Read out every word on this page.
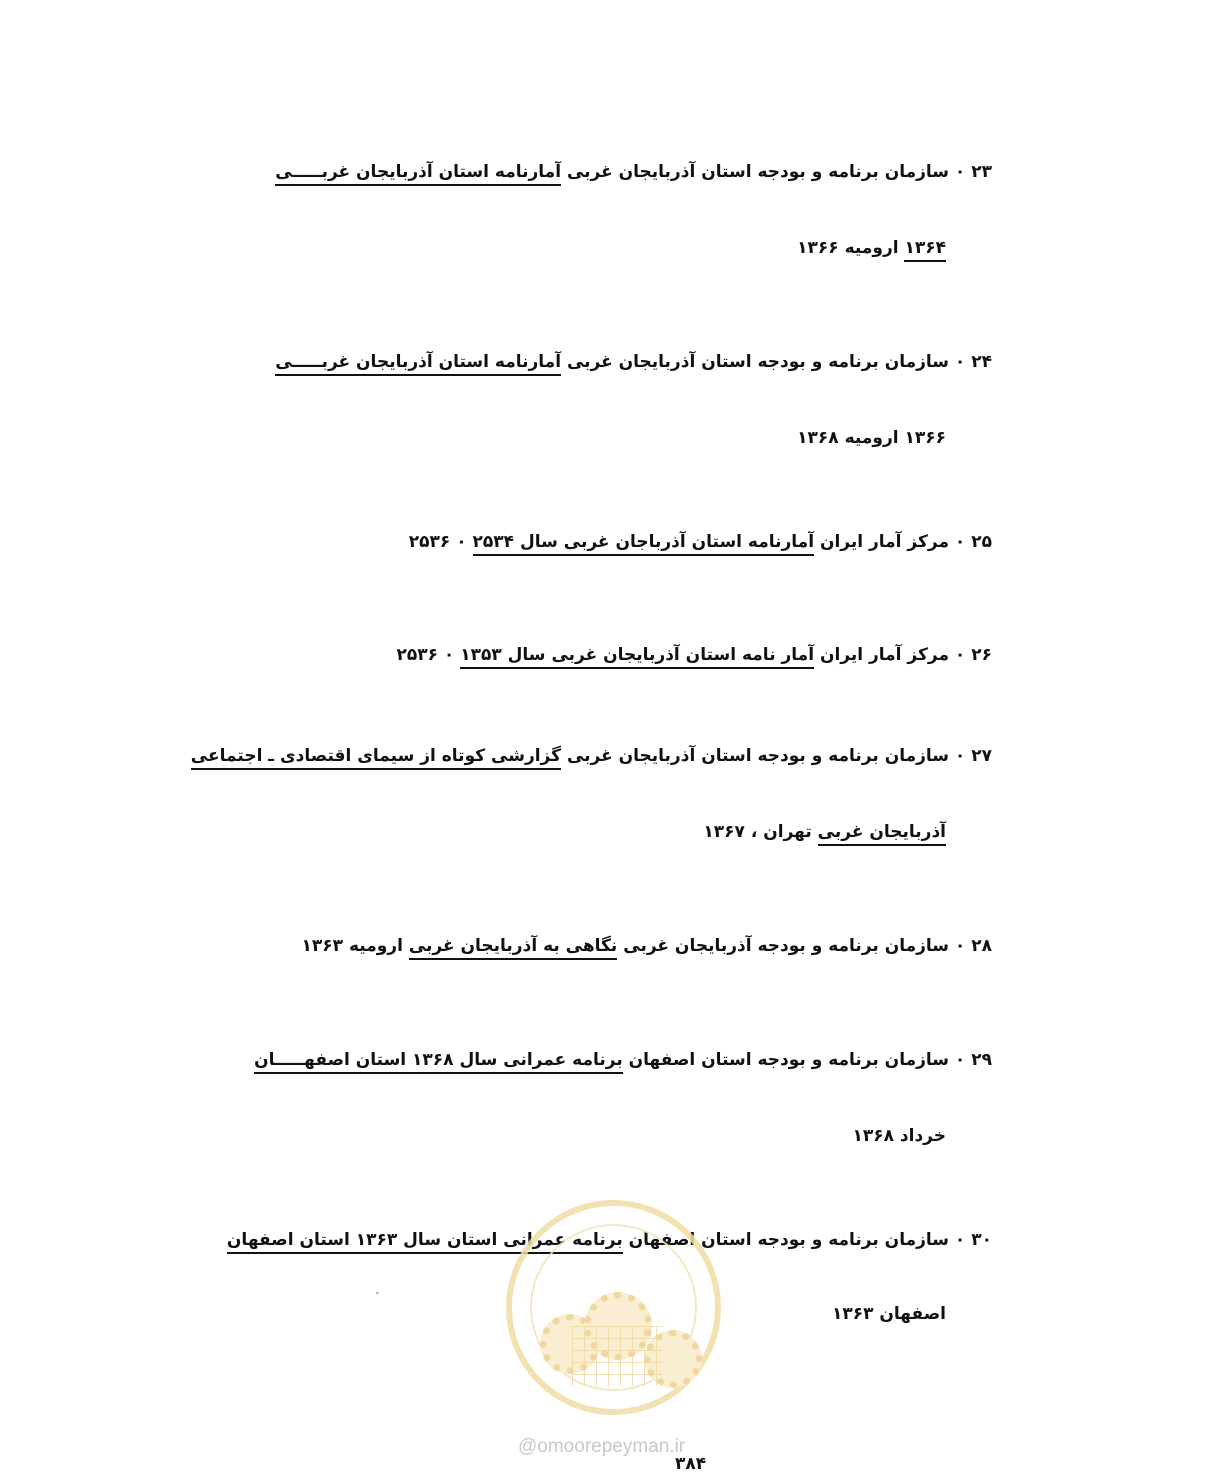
۲۳ ۰ سازمان برنامه و بودجه استان آذربایجان غربی آمارنامه استان آذربایجان غربـــــی
۱۳۶۴ ارومیه ۱۳۶۶
۲۴ ۰ سازمان برنامه و بودجه استان آذربایجان غربی آمارنامه استان آذربایجان غربـــــی
۱۳۶۶ ارومیه ۱۳۶۸
۲۵ ۰ مرکز آمار ایران آمارنامه استان آذرباجان غربی سال ۲۵۳۴ ۰ ۲۵۳۶
۲۶ ۰ مرکز آمار ایران آمار نامه استان آذربایجان غربی سال ۱۳۵۳ ۰ ۲۵۳۶
۲۷ ۰ سازمان برنامه و بودجه استان آذربایجان غربی گزارشی کوتاه از سیمای اقتصادی ـ اجتماعی
آذربایجان غربی تهران ، ۱۳۶۷
۲۸ ۰ سازمان برنامه و بودجه آذربایجان غربی نگاهی به آذربایجان غربی ارومیه ۱۳۶۳
۲۹ ۰ سازمان برنامه و بودجه استان اصفهان برنامه عمرانی سال ۱۳۶۸ استان اصفهـــــان
خرداد ۱۳۶۸
۳۰ ۰ سازمان برنامه و بودجه استان اصفهان برنامه عمرانی استان سال ۱۳۶۳ استان اصفهان
اصفهان ۱۳۶۳
@omoorepeyman.ir
۳۸۴
